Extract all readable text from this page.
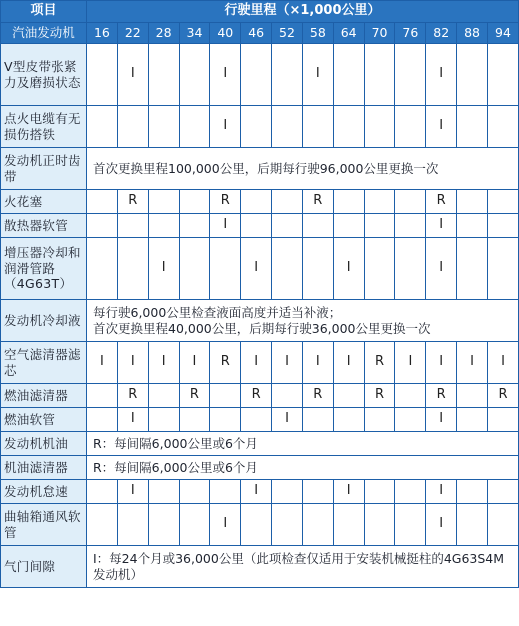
项目	行驶里程（×1,000公里）													
汽油发动机	16	22	28	34	40	46	52	58	64	70	76	82	88	94
V型皮带张紧力及磨损状态		I			I			I				I		
点火电缆有无损伤搭铁					I							I		
发动机正时齿带	首次更换里程100,000公里，后期每行驶96,000公里更换一次													
火花塞		R			R			R				R		
散热器软管					I							I		
增压器冷却和润滑管路（4G63T）			I			I			I			I		
发动机冷却液	每行驶6,000公里检查液面高度并适当补液；
首次更换里程40,000公里，后期每行驶36,000公里更换一次													
空气滤清器滤芯	I	I	I	I	R	I	I	I	I	R	I	I	I	I
燃油滤清器		R		R		R		R		R		R		R
燃油软管		I					I					I		
发动机机油	R：每间隔6,000公里或6个月													
机油滤清器	R：每间隔6,000公里或6个月													
发动机怠速		I				I			I			I		
曲轴箱通风软管					I							I		
气门间隙	I：每24个月或36,000公里（此项检查仅适用于安装机械挺柱的4G63S4M发动机）													
